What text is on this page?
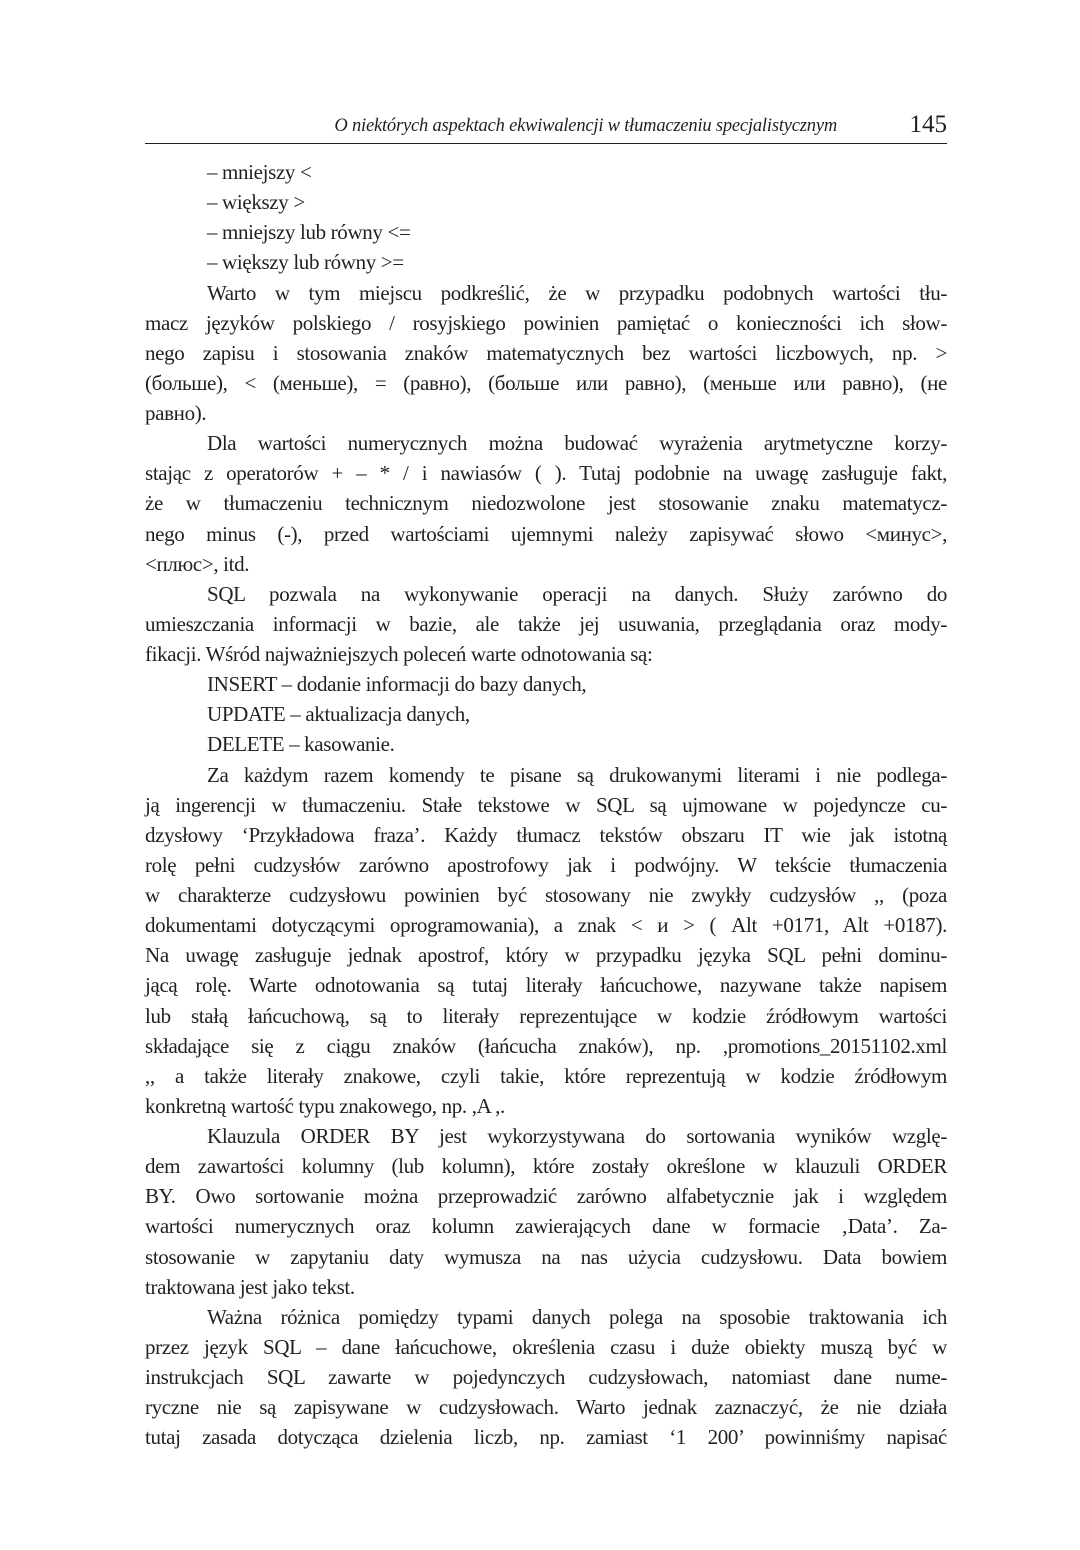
O niektórych aspektach ekwiwalencji w tłumaczeniu specjalistycznym	145
– mniejszy <
– większy >
– mniejszy lub równy <=
– większy lub równy >=
Warto w tym miejscu podkreślić, że w przypadku podobnych wartości tłu-
macz języków polskiego / rosyjskiego powinien pamiętać o konieczności ich słow-
nego zapisu i stosowania znaków matematycznych bez wartości liczbowych, np. >
(больше), < (меньше), = (равно), (больше или равно), (меньше или равно), (не
равно).
Dla wartości numerycznych można budować wyrażenia arytmetyczne korzy-
stając z operatorów + – * / i nawiasów ( ). Tutaj podobnie na uwagę zasługuje fakt,
że w tłumaczeniu technicznym niedozwolone jest stosowanie znaku matematycz-
nego minus (-), przed wartościami ujemnymi należy zapisywać słowo <минус>,
<плюс>, itd.
SQL pozwala na wykonywanie operacji na danych. Służy zarówno do
umieszczania informacji w bazie, ale także jej usuwania, przeglądania oraz mody-
fikacji. Wśród najważniejszych poleceń warte odnotowania są:
INSERT – dodanie informacji do bazy danych,
UPDATE – aktualizacja danych,
DELETE – kasowanie.
Za każdym razem komendy te pisane są drukowanymi literami i nie podlega-
ją ingerencji w tłumaczeniu. Stałe tekstowe w SQL są ujmowane w pojedyncze cu-
dzysłowy ‘Przykładowa fraza’. Każdy tłumacz tekstów obszaru IT wie jak istotną
rolę pełni cudzysłów zarówno apostrofowy jak i podwójny. W tekście tłumaczenia
w charakterze cudzysłowu powinien być stosowany nie zwykły cudzysłów ,, (poza
dokumentami dotyczącymi oprogramowania), a znak < и > ( Alt +0171, Alt +0187).
Na uwagę zasługuje jednak apostrof, który w przypadku języka SQL pełni dominu-
jącą rolę. Warte odnotowania są tutaj literały łańcuchowe, nazywane także napisem
lub stałą łańcuchową, są to literały reprezentujące w kodzie źródłowym wartości
składające się z ciągu znaków (łańcucha znaków), np. ,promotions_20151102.xml
,, a także literały znakowe, czyli takie, które reprezentują w kodzie źródłowym
konkretną wartość typu znakowego, np. ,A ,.
Klauzula ORDER BY jest wykorzystywana do sortowania wyników wzglę-
dem zawartości kolumny (lub kolumn), które zostały określone w klauzuli ORDER
BY. Owo sortowanie można przeprowadzić zarówno alfabetycznie jak i względem
wartości numerycznych oraz kolumn zawierających dane w formacie ‚Data’. Za-
stosowanie w zapytaniu daty wymusza na nas użycia cudzysłowu. Data bowiem
traktowana jest jako tekst.
Ważna różnica pomiędzy typami danych polega na sposobie traktowania ich
przez język SQL – dane łańcuchowe, określenia czasu i duże obiekty muszą być w
instrukcjach SQL zawarte w pojedynczych cudzysłowach, natomiast dane nume-
ryczne nie są zapisywane w cudzysłowach. Warto jednak zaznaczyć, że nie działa
tutaj zasada dotycząca dzielenia liczb, np. zamiast ‘1 200’ powinniśmy napisać
